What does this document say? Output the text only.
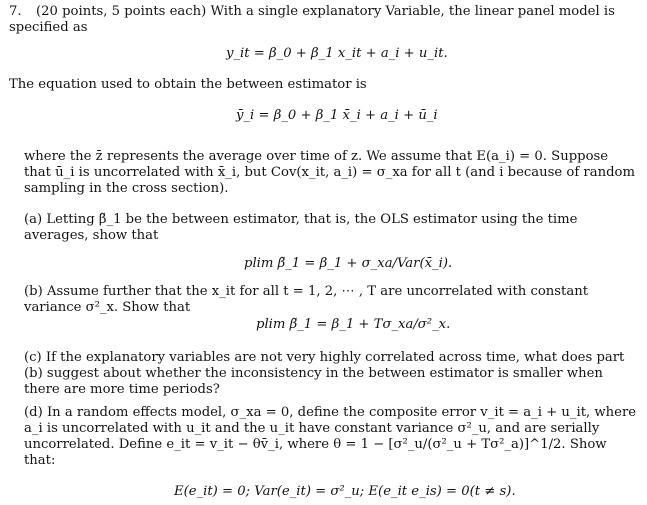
7. (20 points, 5 points each) With a single explanatory Variable, the linear panel model is specified as
y_it = β_0 + β_1 x_it + a_i + u_it.
The equation used to obtain the between estimator is
ȳ_i = β_0 + β_1 x̄_i + a_i + ū_i
where the z̄ represents the average over time of z. We assume that E(a_i) = 0. Suppose that ū_i is uncorrelated with x̄_i, but Cov(x_it, a_i) = σ_xa for all t (and i because of random sampling in the cross section).
(a) Letting β̃_1 be the between estimator, that is, the OLS estimator using the time averages, show that
plim β̃_1 = β_1 + σ_xa/Var(x̄_i).
(b) Assume further that the x_it for all t = 1, 2, ⋯ , T are uncorrelated with constant variance σ²_x. Show that
plim β̃_1 = β_1 + Tσ_xa/σ²_x.
(c) If the explanatory variables are not very highly correlated across time, what does part (b) suggest about whether the inconsistency in the between estimator is smaller when there are more time periods?
(d) In a random effects model, σ_xa = 0, define the composite error v_it = a_i + u_it, where a_i is uncorrelated with u_it and the u_it have constant variance σ²_u, and are serially uncorrelated. Define e_it = v_it − θv̄_i, where θ = 1 − [σ²_u/(σ²_u + Tσ²_a)]^1/2. Show that:
E(e_it) = 0; Var(e_it) = σ²_u; E(e_it e_is) = 0(t ≠ s).
